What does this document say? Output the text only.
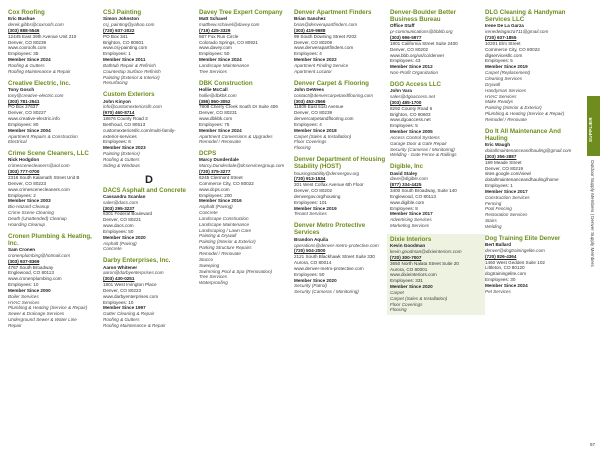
Cox Roofing
Eric Bushue
derek.gibbs@coxroofs.com
(303) 888-5546
12445 East 39th Avenue Unit 210
Denver, CO 80239
www.coxroofs.com
Employees: 35
Member Since 2024
Roofing & Gutters
Roofing Maintenance & Repair
Creative Electric, Inc.
Tony Gosch
tony@creative-electric.com
(303) 781-2541
PO Box 27637
Denver, CO 80227
www.creative-electric.info
Employees: 80
Member Since 2004
Apartment Repairs & Construction
Electrical
Crime Scene Cleaners, LLC
Nick Hodgdon
crimescenecleaners@aol.com
(303) 777-0700
2318 South Kalamath Street Unit B
Denver, CO 80223
www.crimescenecleaners.com
Employees: 2
Member Since 2003
Bio-Hazard Cleanup
Crime Scene Cleaning
Death (Unattended) Cleanup
Hoarding Cleanup
Cronen Plumbing & Heating, Inc.
Sam Cronen
cronenplumbing@hotmail.com
(303) 937-8369
4767 South Broadway
Englewood, CO 80113
www.cronenplumbing.com
Employees: 10
Member Since 2000
Boiler Services
HVAC Services
Plumbing & Heating (Service & Repair)
Sewer & Drainage Services
Underground Sewer & Water Line
Repair
CSJ Painting
Simon Johnston
csj_painting@yahoo.com
(720) 937-2022
PO Box 341
Brighton, CO 80601
www.csj-painting.com
Employees: 1
Member Since 2011
Bathtub Repair & Refinish
Countertop Surface Refinish
Painting (Exterior & Interior)
Resurfacing
Custom Exteriors
John Kinyon
info@customexteriorsllc.com
(970) 460-8714
18676 County Road 3
Berthoud, CO 80513
customexteriorsllc.com/multi-family-
exterior-services
Employees: 6
Member Since 2023
Painting (Exterior)
Roofing & Gutters
Siding & Windows
D
DACS Asphalt and Concrete
Cassandra Scanlan
sales@dacs.com
(303) 295-3237
6301 Federal Boulevard
Denver, CO 80221
www.dacs.com
Employees: 50
Member Since 2020
Asphalt (Paving)
Concrete
Darby Enterprises, Inc.
Aaron Whitener
aaron@darbyenterprises.com
(303) 430-0251
1801 West Irvington Place
Denver, CO 80223
www.darbyenterprises.com
Employees: 10
Member Since 1997
Gutter Cleaning & Repair
Roofing & Gutters
Roofing Maintenance & Repair
Davey Tree Expert Company
Matt Schavel
matthew.schavel@davey.com
(719) 425-3329
587 Fox Run Circle
Colorado Springs, CO 80921
www.davey.com
Employees: 50
Member Since 2024
Landscape Maintenance
Tree Services
DBK Construction
Hollie McCall
hollie@dbkbk.com
(386) 860-3052
7808 Cherry Creek South Dr Suite 406
Denver, CO 80231
www.dbkbk.com
Employees: 75
Member Since 2024
Apartment Conversions & Upgrades
Remodel / Renovate
DCPS
Marcy Dunderdale
Marcy.Dunderdale@dcservicesgroup.com
(720) 375-3277
6245 Clermont Street
Commerce City, CO 80022
www.dcps.com
Employees: 200
Member Since 2016
Asphalt (Paving)
Concrete
Landscape Construction
Landscape Maintenance
Landscaping / Lawn Care
Painting & Drywall
Painting (Interior & Exterior)
Parking Structure Repairs
Remodel / Renovate
Stucco
Sweeping
Swimming Pool & Spa (Renovation)
Tree Services
Waterproofing
Denver Apartment Finders
Brian Sanchez
brian@denverapartfinders.com
(303) 419-9688
99 South Downing Street #202
Denver, CO 80209
www.denverapartfinders.com
Employees: 4
Member Since 2022
Apartment Finding Service
Apartment Locator
Denver Carpet & Flooring
John DeWees
contact@denvercarpetandflooring.com
(303) 452-2566
11809 East 51st Avenue
Denver, CO 80239
denvercarpetandflooring.com
Employees: 4
Member Since 2018
Carpet (Sales & Installation)
Floor Coverings
Flooring
Denver Department of Housing Stability (HOST)
housingstability@denvergov.org
(720) 913-1534
201 West Colfax Avenue 6th Floor
Denver, CO 80202
denvergov.org/housing
Employees: 101
Member Since 2019
Tenant Services
Denver Metro Protective Services
Brandon Aquila
operations@denver-metro-protective.com
(720) 504-2000
2121 South Blackhawk Street Suite 330
Aurora, CO 80014
www.denver-metro-protective.com
Employees: 50
Member Since 2020
Security (Patrol)
Security (Cameras / Monitoring)
Denver-Boulder Better Business Bureau
Office Staff
pr-communications@bbbib.org
(303) 996-5977
1801 California Street Suite 2400
Denver, CO 80202
www.bbb.org/us/co/denver
Employees: 43
Member Since 2012
Non-Profit Organization
DGO Access LLC
John Vara
sales@dgoaccess.net
(303) 485-1700
8292 County Road 6
Brighton, CO 80603
www.dgoaccess.net
Employees: 5
Member Since 2005
Access Control Systems
Garage Door & Gate Repair
Security (Cameras / Monitoring)
Welding - Gate Fence & Railings
Digible, Inc
David Staley
dave@digible.com
(877) 334-4425
3400 South Broadway, Suite 140
Englewood, CO 80113
www.digible.com
Employees: 8
Member Since 2017
Advertising Services
Marketing Services
Dixie Interiors
Kevin Goodman
kevin.goodman@dixieinteriors.com
(720) 300-7007
3650 North Nalata Street Suite 20
Aurora, CO 80001
www.dixieinteriors.com
Employees: 331
Member Since 2020
Carpet
Carpet (Sales & Installation)
Floor Coverings
Flooring
DLG Cleaning & Handyman Services LLC
Irene De La Garza
irenedelagarza711@gmail.com
(720) 937-1855
10201 Elm Street
Commerce City, CO 80022
dlgservicesllc.com
Employees: 5
Member Since 2019
Carpet (Replacement)
Cleaning Services
Drywall
Handyman Services
HVAC Services
Make Readys
Painting (Interior & Exterior)
Plumbing & Heating (Service & Repair)
Remodel / Renovate
Do It All Maintenance And Hauling
Eric Waugh
doitallmaintenanceandhauling@gmail.com
(303) 356-2887
189 Meade Street
Denver, CO 80219
sites.google.com/view/
doitallmaintenanceandhauling/home
Employees: 1
Member Since 2017
Construction Services
Fencing
Pool Fencing
Restoration Services
Stairs
Welding
Dog Training Elite Denver
Bert Ballard
denver@dogtrainingelite.com
(720) 826-4364
1460 West Geddes Suite 102
Littleton, CO 80120
dogtrainingelite.com
Employees: 30
Member Since 2024
Pet Services
SUPPLIER
Outdoor Supply Members | Denver Supply Members
57
